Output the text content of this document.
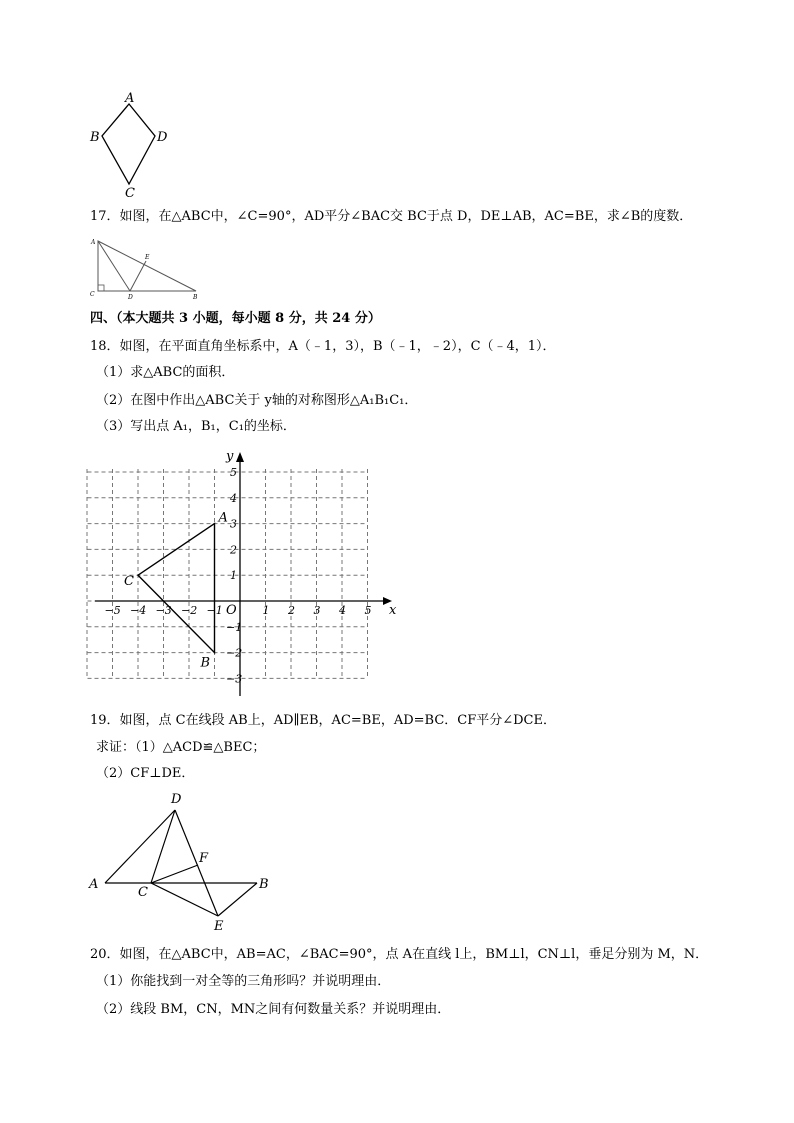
A
B	D
C
17．如图，在△ABC中，∠C=90°，AD平分∠BAC交 BC于点 D，DE⊥AB，AC=BE，求∠B的度数．
A
E
C	D	B
四、（本大题共 3 小题，每小题 8 分，共 24 分）
18．如图，在平面直角坐标系中，A（﹣1，3），B（﹣1，﹣2），C（﹣4，1）．
（1）求△ABC的面积．
（2）在图中作出△ABC关于 y轴的对称图形△A₁B₁C₁．
（3）写出点 A₁，B₁，C₁的坐标．
x
y
O
−5 −4 −3 −2 −1	1 2 3 4 5
5
4
3
2
1
−1
−2
−3
A
B
C
19．如图，点 C在线段 AB上，AD∥EB，AC=BE，AD=BC．CF平分∠DCE．
求证：（1）△ACD≌△BEC；
（2）CF⊥DE．
D
F
A
C
B
E
20．如图，在△ABC中，AB=AC，∠BAC=90°，点 A在直线 l上，BM⊥l，CN⊥l，垂足分别为 M，N．
（1）你能找到一对全等的三角形吗？并说明理由．
（2）线段 BM，CN，MN之间有何数量关系？并说明理由．
